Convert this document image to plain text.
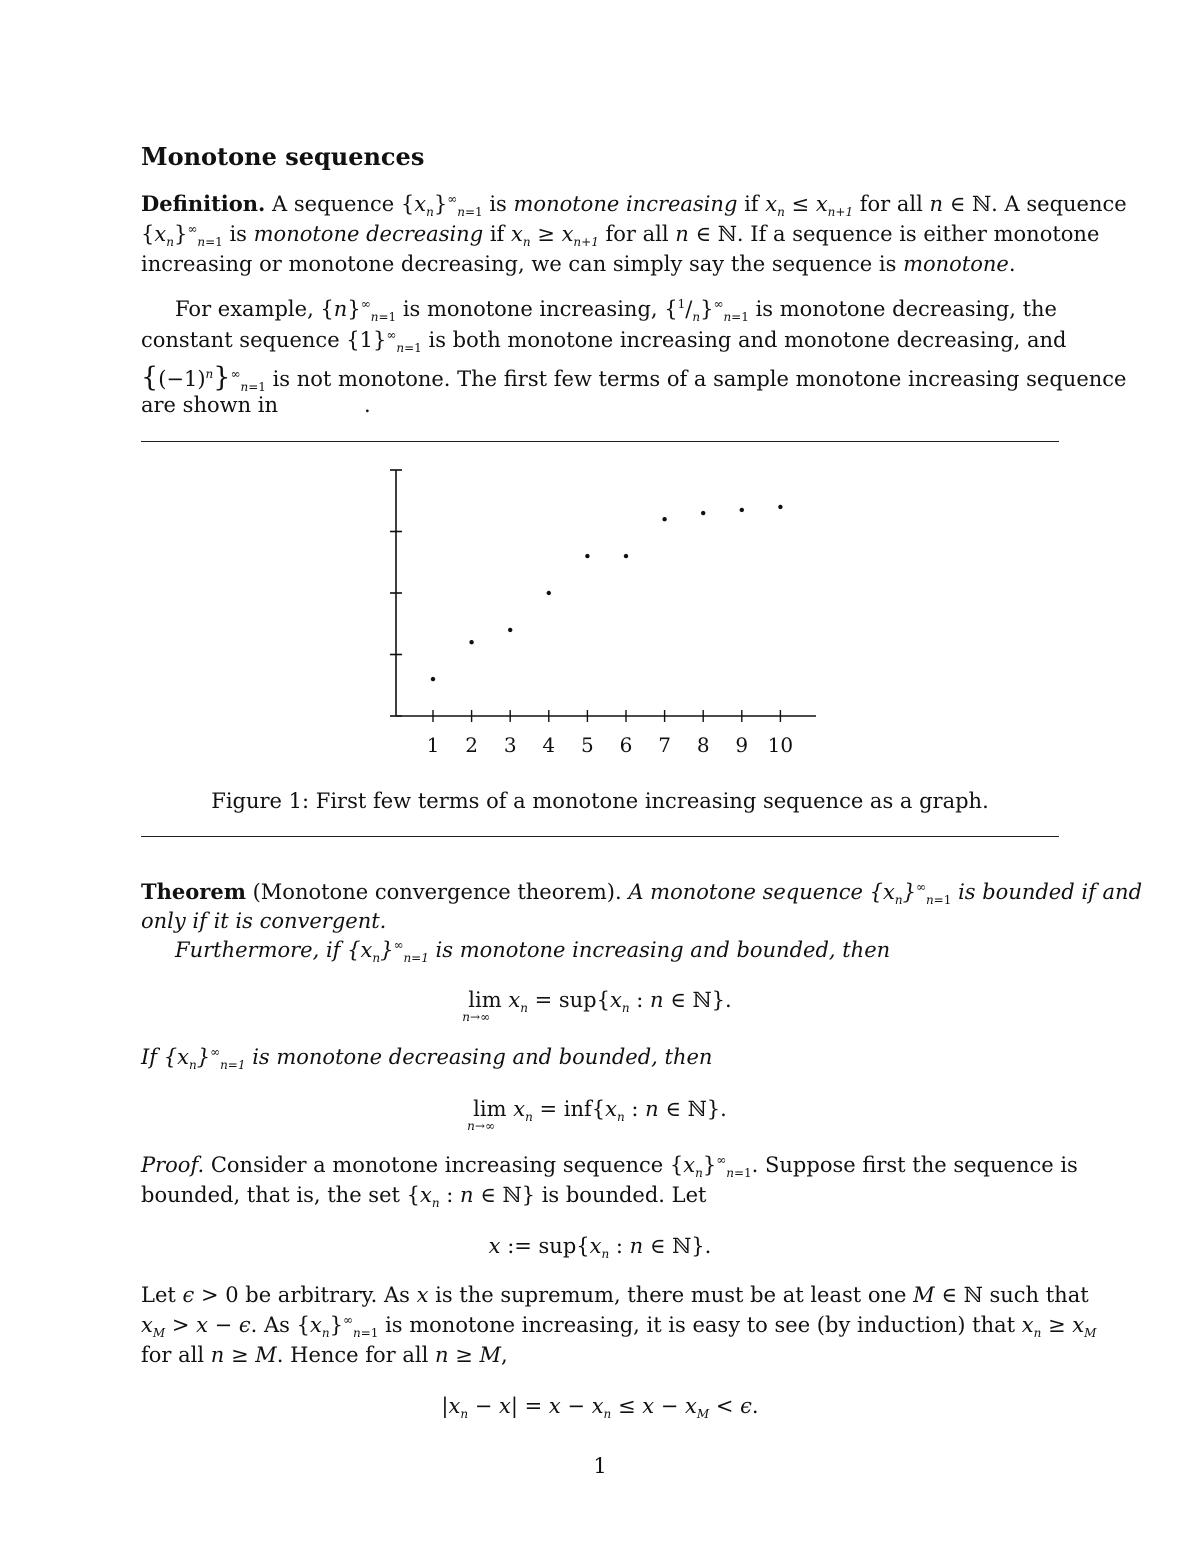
Monotone sequences
Definition. A sequence $\{x_n\}^\infty_{n=1}$ is monotone increasing if $x_n \le x_{n+1}$ for all n ∈ ℕ. A sequence
$\{x_n\}^\infty_{n=1}$ is monotone decreasing if $x_n \ge x_{n+1}$ for all n ∈ ℕ. If a sequence is either monotone
increasing or monotone decreasing, we can simply say the sequence is monotone.
For example, $\{n\}^\infty_{n=1}$ is monotone increasing, $\{^1/_n\}^\infty_{n=1}$ is monotone decreasing, the
constant sequence $\{1\}^\infty_{n=1}$ is both monotone increasing and monotone decreasing, and
$\{(-1)^n\}^\infty_{n=1}$ is not monotone. The first few terms of a sample monotone increasing sequence
are shown in	.
1 2 3 4 5 6 7 8 9 10
Figure 1: First few terms of a monotone increasing sequence as a graph.
Theorem (Monotone convergence theorem). A monotone sequence $\{x_n\}^\infty_{n=1}$ is bounded if and
only if it is convergent.
Furthermore, if $\{x_n\}^\infty_{n=1}$ is monotone increasing and bounded, then
lim
n→∞
$x_n = sup\{x_n$ : n ∈ ℕ}.
If $\{x_n\}^\infty_{n=1}$ is monotone decreasing and bounded, then
lim
n→∞
$x_n = inf\{x_n$ : n ∈ ℕ}.
Proof. Consider a monotone increasing sequence $\{x_n\}^\infty_{n=1}$. Suppose first the sequence is
bounded, that is, the set {$x_n$ : n ∈ ℕ} is bounded. Let
x := $sup\{x_n$ : n ∈ ℕ}.
Let ϵ > 0 be arbitrary. As x is the supremum, there must be at least one M ∈ ℕ such that
$x_M > x - \epsilon$. As $\{x_n\}^\infty_{n=1}$ is monotone increasing, it is easy to see (by induction) that $x_n \ge x_M$
for all n ≥ M. Hence for all n ≥ M,
$|x_n - x| = x - x_n \le x - x_M < \epsilon$.
1
